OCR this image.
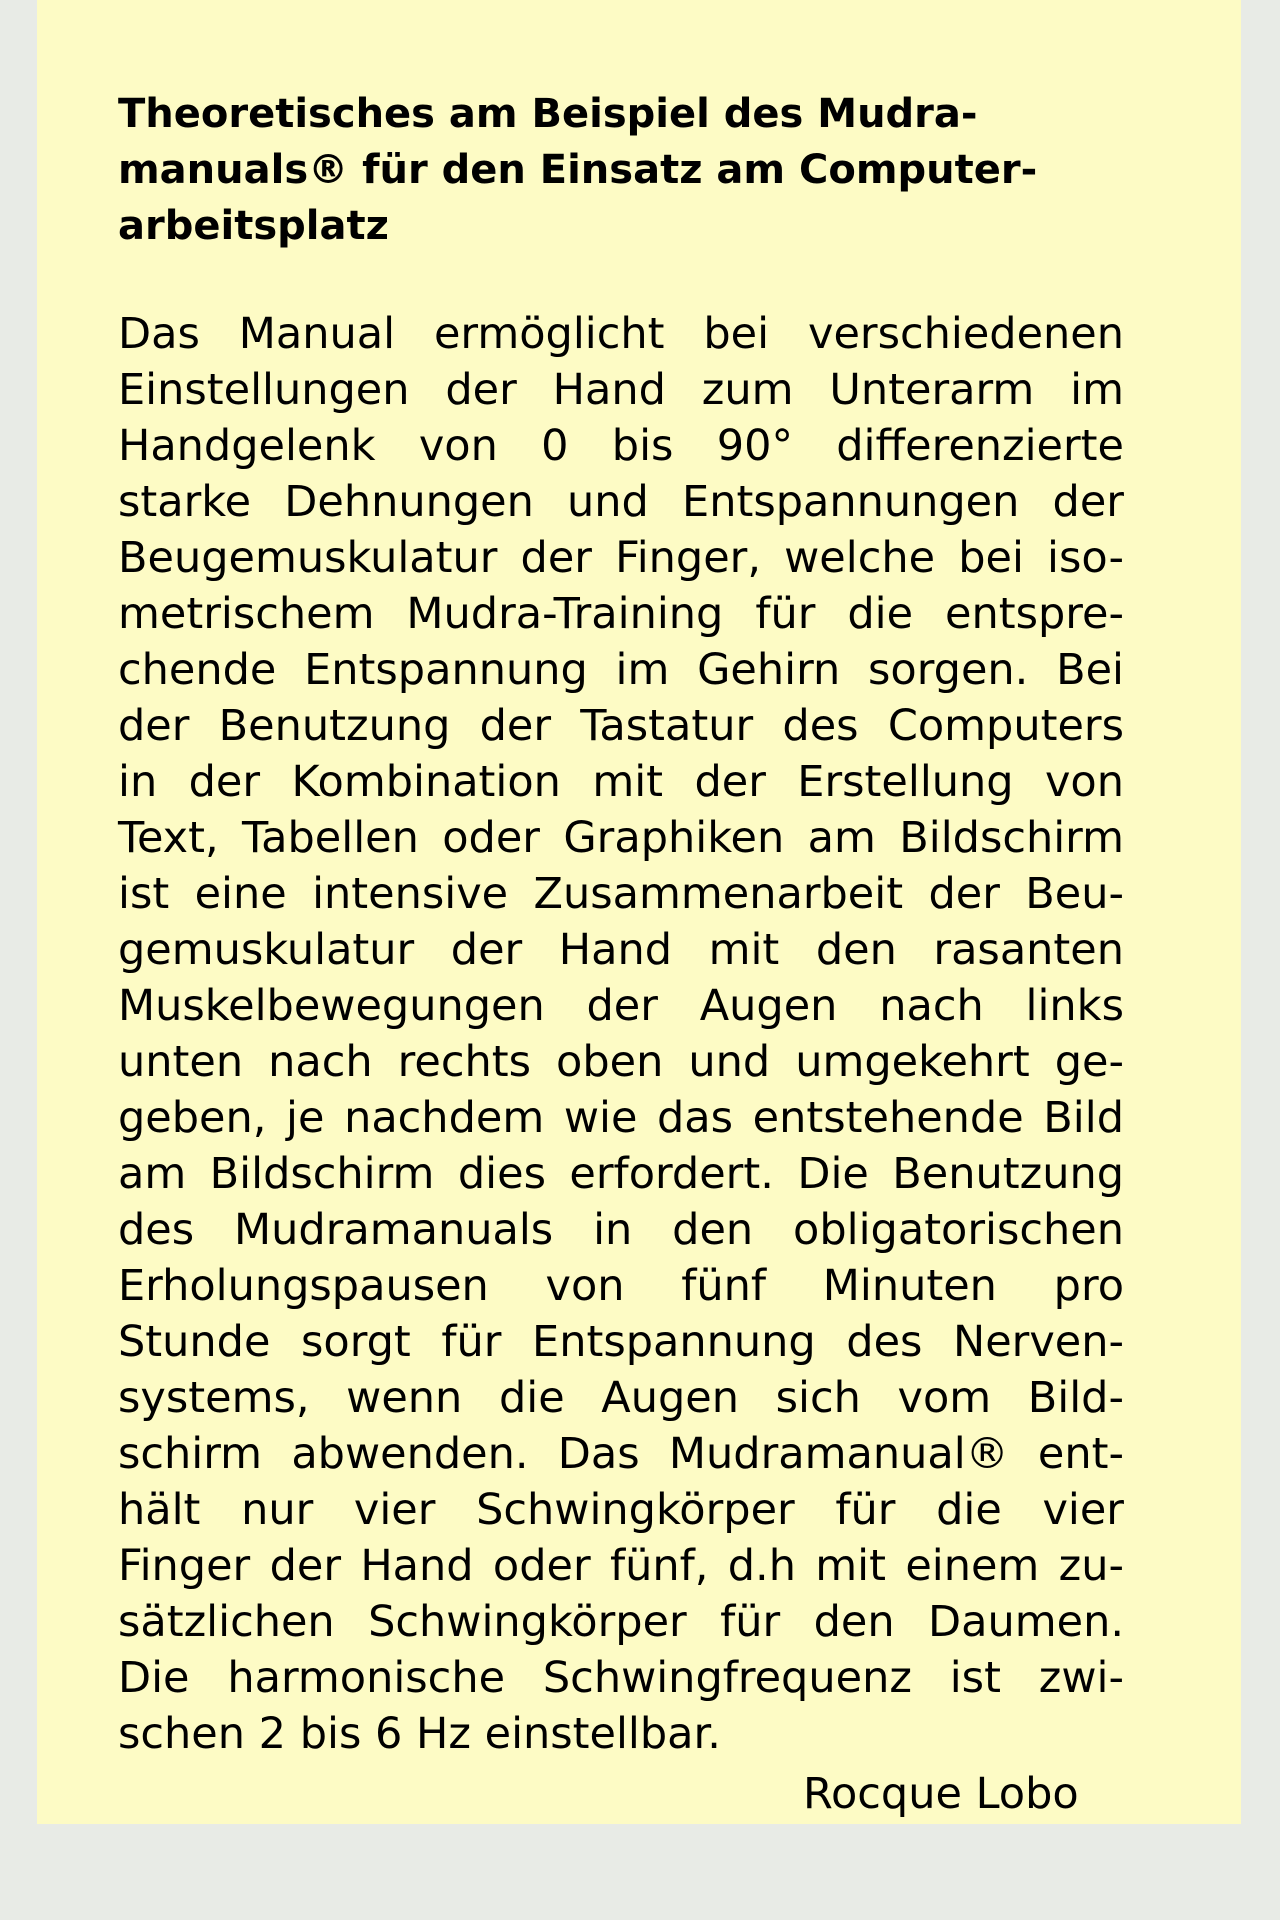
Theoretisches am Beispiel des Mudra-
manuals® für den Einsatz am Computer-
arbeitsplatz
Das Manual ermöglicht bei verschiedenen
Einstellungen der Hand zum Unterarm im
Handgelenk von 0 bis 90° differenzierte
starke Dehnungen und Entspannungen der
Beugemuskulatur der Finger, welche bei iso-
metrischem Mudra-Training für die entspre-
chende Entspannung im Gehirn sorgen. Bei
der Benutzung der Tastatur des Computers
in der Kombination mit der Erstellung von
Text, Tabellen oder Graphiken am Bildschirm
ist eine intensive Zusammenarbeit der Beu-
gemuskulatur der Hand mit den rasanten
Muskelbewegungen der Augen nach links
unten nach rechts oben und umgekehrt ge-
geben, je nachdem wie das entstehende Bild
am Bildschirm dies erfordert. Die Benutzung
des Mudramanuals in den obligatorischen
Erholungspausen von fünf Minuten pro
Stunde sorgt für Entspannung des Nerven-
systems, wenn die Augen sich vom Bild-
schirm abwenden. Das Mudramanual® ent-
hält nur vier Schwingkörper für die vier
Finger der Hand oder fünf, d.h mit einem zu-
sätzlichen Schwingkörper für den Daumen.
Die harmonische Schwingfrequenz ist zwi-
schen 2 bis 6 Hz einstellbar.
Rocque Lobo
